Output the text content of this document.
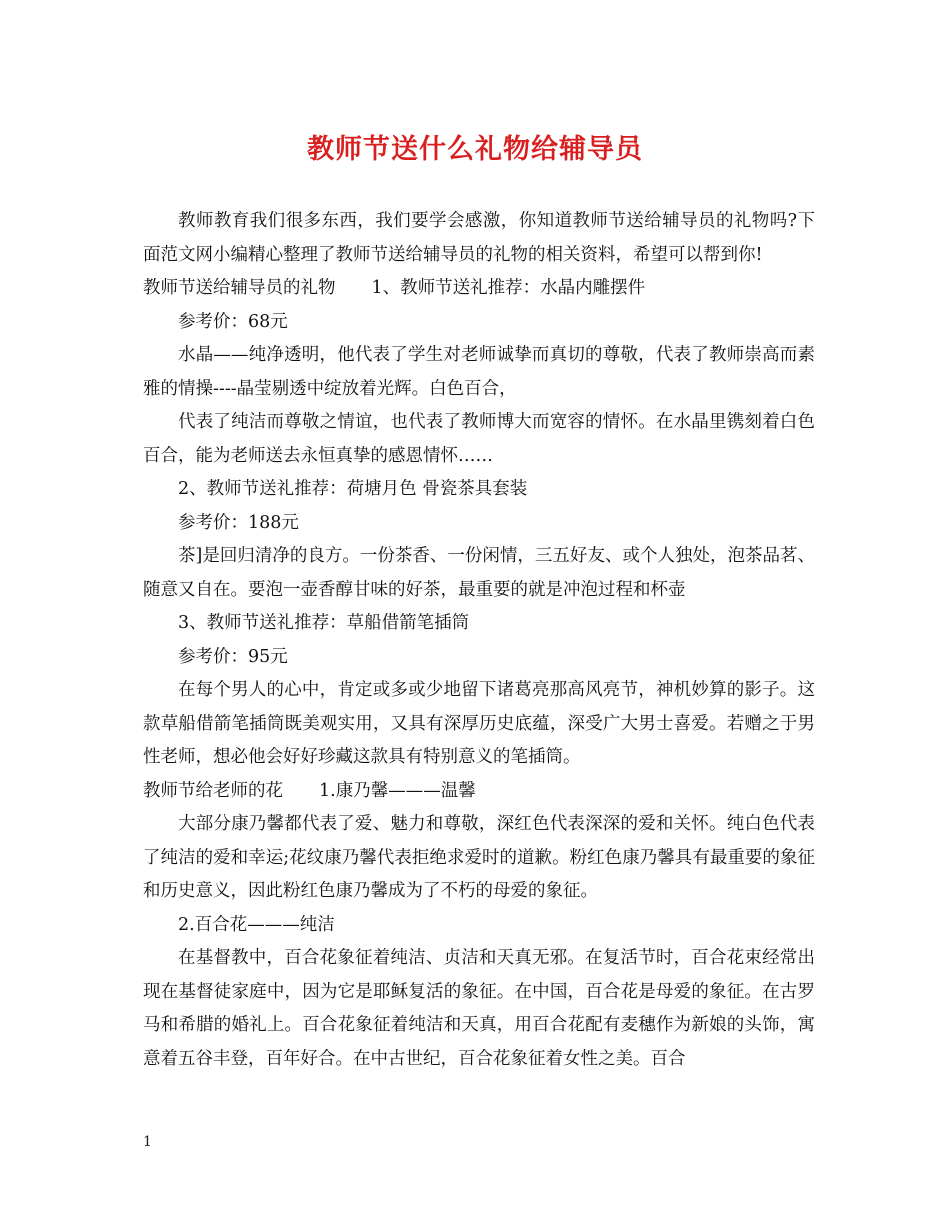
教师节送什么礼物给辅导员

教师教育我们很多东西，我们要学会感激，你知道教师节送给辅导员的礼物吗?下面范文网小编精心整理了教师节送给辅导员的礼物的相关资料，希望可以帮到你!

教师节送给辅导员的礼物 1、教师节送礼推荐：水晶内雕摆件

参考价：68元

水晶——纯净透明，他代表了学生对老师诚挚而真切的尊敬，代表了教师崇高而素雅的情操----晶莹剔透中绽放着光辉。白色百合，

代表了纯洁而尊敬之情谊，也代表了教师博大而宽容的情怀。在水晶里镌刻着白色百合，能为老师送去永恒真挚的感恩情怀……

2、教师节送礼推荐：荷塘月色 骨瓷茶具套装

参考价：188元

茶]是回归清净的良方。一份茶香、一份闲情，三五好友、或个人独处，泡茶品茗、随意又自在。要泡一壶香醇甘味的好茶，最重要的就是冲泡过程和杯壶

3、教师节送礼推荐：草船借箭笔插筒

参考价：95元

在每个男人的心中，肯定或多或少地留下诸葛亮那高风亮节，神机妙算的影子。这款草船借箭笔插筒既美观实用，又具有深厚历史底蕴，深受广大男士喜爱。若赠之于男性老师，想必他会好好珍藏这款具有特别意义的笔插筒。

教师节给老师的花 1.康乃馨———温馨

大部分康乃馨都代表了爱、魅力和尊敬，深红色代表深深的爱和关怀。纯白色代表了纯洁的爱和幸运;花纹康乃馨代表拒绝求爱时的道歉。粉红色康乃馨具有最重要的象征和历史意义，因此粉红色康乃馨成为了不朽的母爱的象征。

2.百合花———纯洁

在基督教中，百合花象征着纯洁、贞洁和天真无邪。在复活节时，百合花束经常出现在基督徒家庭中，因为它是耶稣复活的象征。在中国，百合花是母爱的象征。在古罗马和希腊的婚礼上。百合花象征着纯洁和天真，用百合花配有麦穗作为新娘的头饰，寓意着五谷丰登，百年好合。在中古世纪，百合花象征着女性之美。百合

1
